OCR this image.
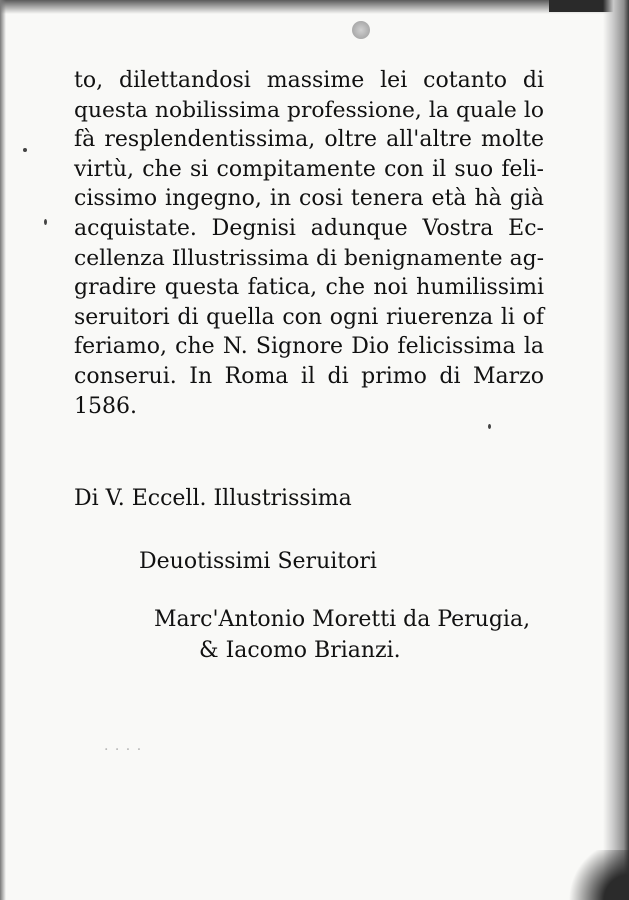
to, dilettandosi massime lei cotanto di
questa nobilissima professione, la quale lo
fà resplendentissima, oltre all'altre molte
virtù, che si compitamente con il suo feli-
cissimo ingegno, in cosi tenera età hà già
acquistate. Degnisi adunque Vostra Ec-
cellenza Illustrissima di benignamente ag-
gradire questa fatica, che noi humilissimi
seruitori di quella con ogni riuerenza li of
feriamo, che N. Signore Dio felicissima la
conserui. In Roma il di primo di Marzo
1586.
Di V. Eccell. Illustrissima
Deuotissimi Seruitori
Marc'Antonio Moretti da Perugia,
& Iacomo Brianzi.
· · · ·
